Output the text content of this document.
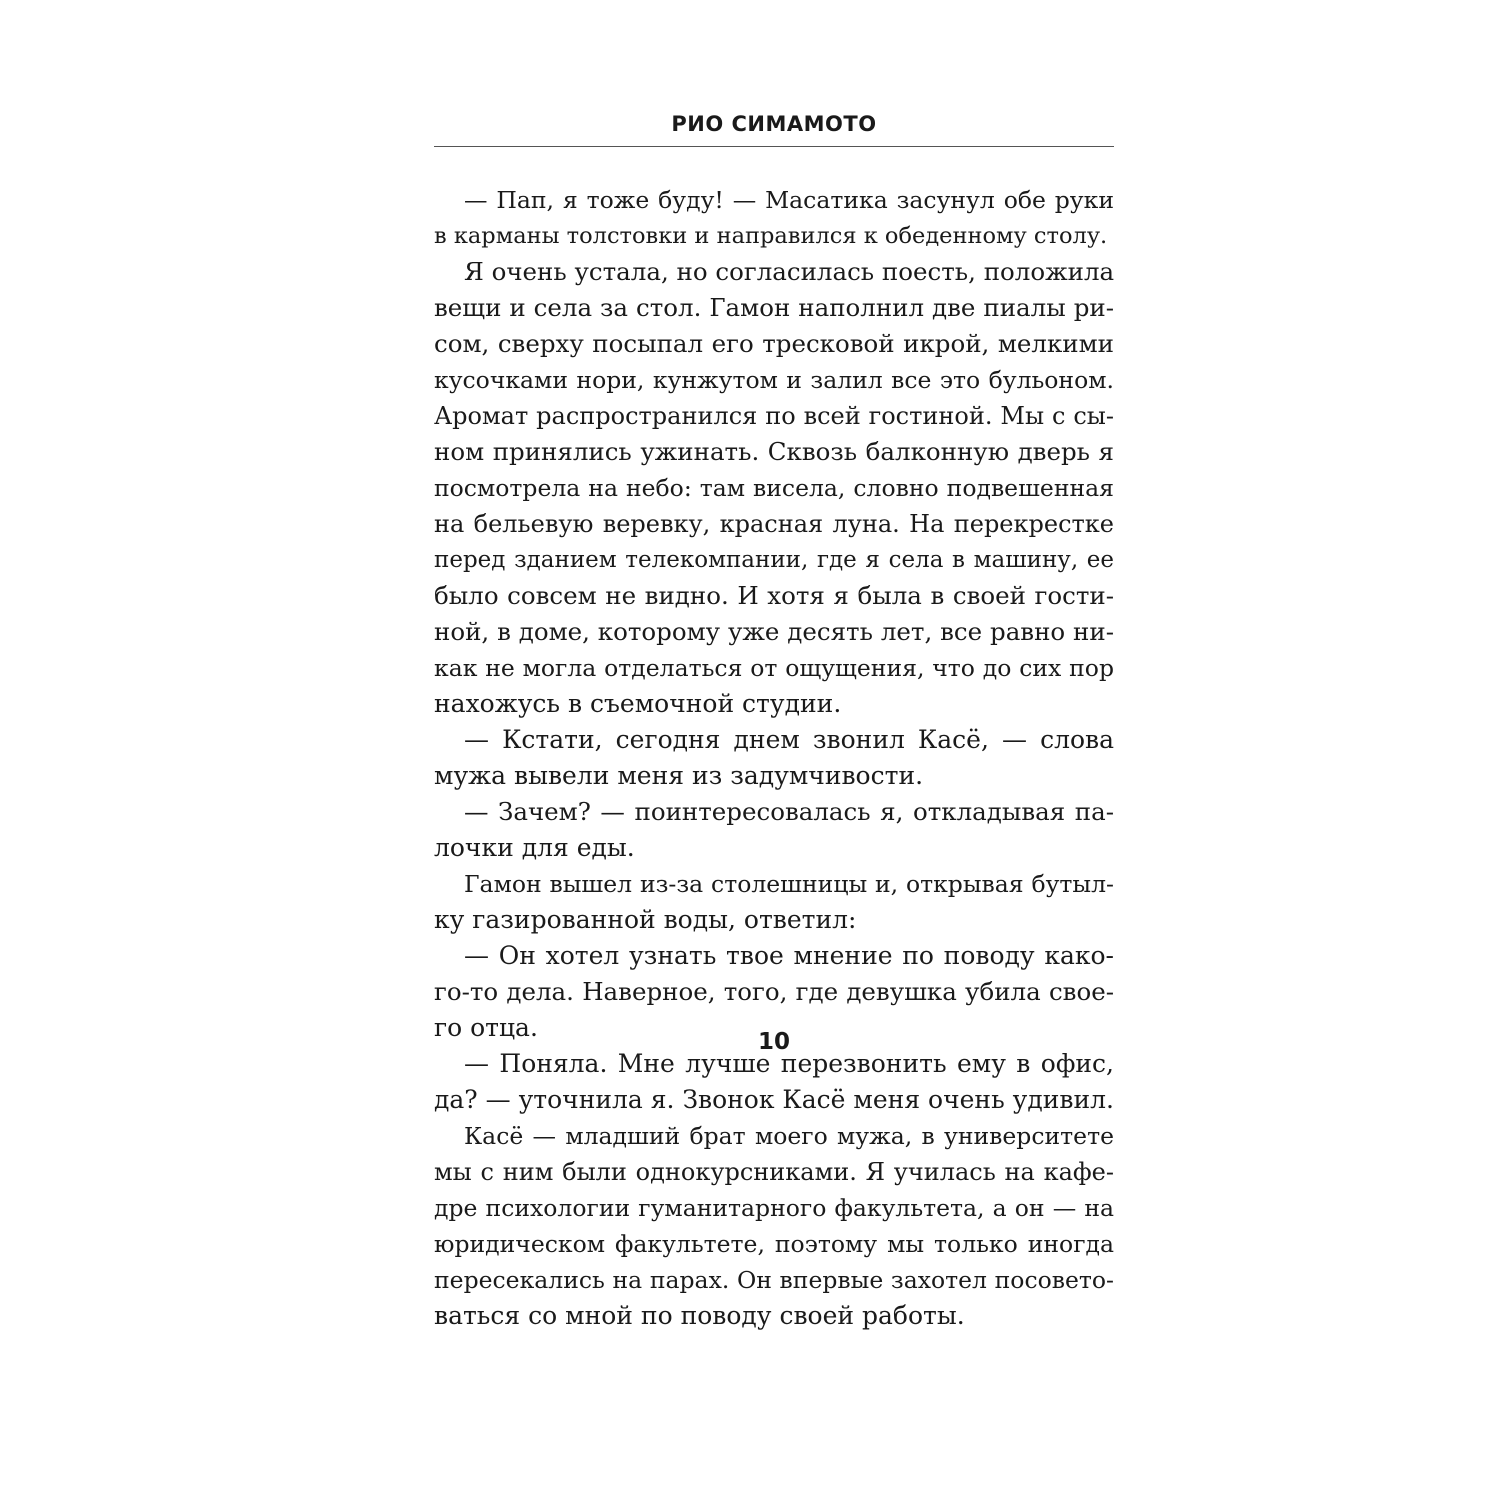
РИО СИМАМОТО
— Пап, я тоже буду! — Масатика засунул обе руки
в карманы толстовки и направился к обеденному столу.
Я очень устала, но согласилась поесть, положила
вещи и села за стол. Гамон наполнил две пиалы ри-
сом, сверху посыпал его тресковой икрой, мелкими
кусочками нори, кунжутом и залил все это бульоном.
Аромат распространился по всей гостиной. Мы с сы-
ном принялись ужинать. Сквозь балконную дверь я
посмотрела на небо: там висела, словно подвешенная
на бельевую веревку, красная луна. На перекрестке
перед зданием телекомпании, где я села в машину, ее
было совсем не видно. И хотя я была в своей гости-
ной, в доме, которому уже десять лет, все равно ни-
как не могла отделаться от ощущения, что до сих пор
нахожусь в съемочной студии.
— Кстати, сегодня днем звонил Касё, — слова
мужа вывели меня из задумчивости.
— Зачем? — поинтересовалась я, откладывая па-
лочки для еды.
Гамон вышел из-за столешницы и, открывая бутыл-
ку газированной воды, ответил:
— Он хотел узнать твое мнение по поводу како-
го-то дела. Наверное, того, где девушка убила свое-
го отца.
— Поняла. Мне лучше перезвонить ему в офис,
да? — уточнила я. Звонок Касё меня очень удивил.
Касё — младший брат моего мужа, в университете
мы с ним были однокурсниками. Я училась на кафе-
дре психологии гуманитарного факультета, а он — на
юридическом факультете, поэтому мы только иногда
пересекались на парах. Он впервые захотел посовето-
ваться со мной по поводу своей работы.
10
